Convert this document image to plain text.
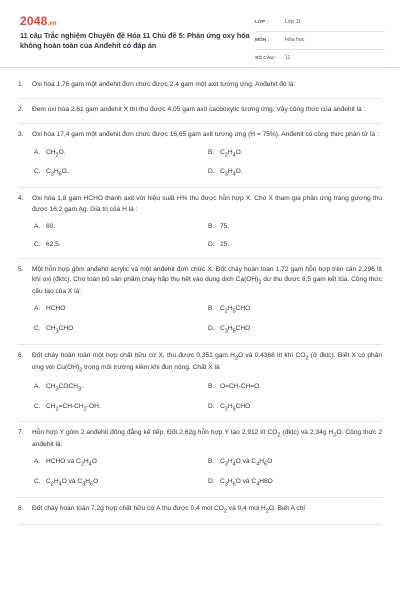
2048.vn
11 câu Trắc nghiệm Chuyên đề Hóa 11 Chủ đề 5: Phản ứng oxy hóa không hoàn toàn của Anđehit có đáp án
LỚP :	Lớp 11
MÔN :	Hóa học
SỐ CÂU :	11
1.	Oxi hóa 1,76 gam một anđehit đơn chức được 2,4 gam một axit tương ứng. Anđehit đó là:
2.	Đem oxi hóa 2,61 gam anđehit X thì thu được 4,05 gam axit cacboxylic tương ứng. Vậy công thức của anđehit là :
3.	Oxi hóa 17,4 gam một anđehit đơn chức được 16,65 gam axit tương ứng (H = 75%). Anđehit có công thức phân tử là :
A. $CH_2O$.	B. $C_2H_4O$.
C. $C_3H_6O$.	D. $C_3H_4O$.
4.	Oxi hóa 1,8 gam HCHO thành axit với hiệu suất H% thu được hỗn hợp X. Cho X tham gia phản ứng tráng gương thu được 16,2 gam Ag. Giá trị của H là :
A. 60.	B. 75.
C. 62,5.	D. 25.
5.	Một hỗn hợp gồm anđehit acrylic và một anđehit đơn chức X. Đốt cháy hoàn toàn 1,72 gam hỗn hợp trên cần 2,296 lít khí oxi (đktc). Cho toàn bộ sản phẩm cháy hấp thụ hết vào dung dịch $Ca(OH)_2$ dư thu được 8,5 gam kết tủa. Công thức cấu tạo của X là:
A. HCHO	B. $C_2H_5CHO$
C. $CH_3CHO$	D. $C_3H_5CHO$
6.	Đốt cháy hoàn toàn một hợp chất hữu cơ X, thu được 0,351 gam $H_2O$ và 0,4368 lít khí $CO_2$ (ở đktc). Biết X có phản ứng với $Cu(OH)_2$ trong môi trường kiềm khi đun nóng. Chất X là
A. $CH_3COCH_3$.	B. O=CH-CH=O.
C. $CH_2=CH-CH_2-OH$.	D. $C_2H_5CHO$
7.	Hỗn hợp Y gồm 2 anđehit đồng đẳng kế tiếp. Đốt 2,62g hỗn hợp Y tạo 2,912 lít $CO_2$ (đktc) và 2,34g $H_2O$. Công thức 2 anđehit là:
A. HCHO và $C_2H_4O$	B. $C_3H_4O$ và $C_4H_6O$
C. $C_2H_4O$ và $C_3H_6O$	D. $C_3H_6O$ và $C_4H8O$
8.	Đốt cháy hoàn toàn 7,2g hợp chất hữu cơ A thu được 0,4 mol $CO_2$ và 0,4 mol $H_2O$. Biết A chỉ
